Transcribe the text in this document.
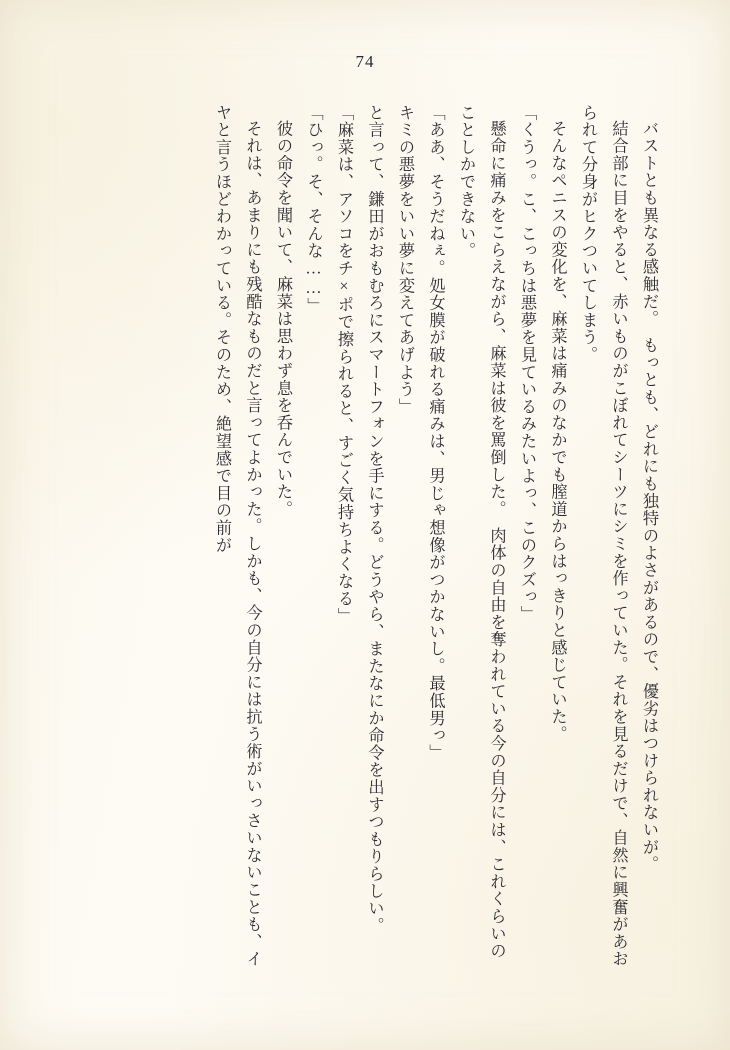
74
バストとも異なる感触だ。　もっとも、どれにも独特のよさがあるので、優劣はつけられないが。
結合部に目をやると、赤いものがこぼれてシーツにシミを作っていた。それを見るだけで、自然に興奮があおられて分身がヒクついてしまう。
そんなペニスの変化を、麻菜は痛みのなかでも膣道からはっきりと感じていた。
「くうっ。こ、こっちは悪夢を見ているみたいよっ、このクズっ」
懸命に痛みをこらえながら、麻菜は彼を罵倒した。　肉体の自由を奪われている今の自分には、これくらいのことしかできない。
「ああ、そうだねぇ。処女膜が破れる痛みは、男じゃ想像がつかないし。最低男っ」
キミの悪夢をいい夢に変えてあげよう」
と言って、鎌田がおもむろにスマートフォンを手にする。どうやら、またなにか命令を出すつもりらしい。
「麻菜は、アソコをチ×ポで擦られると、すごく気持ちよくなる」
「ひっ。そ、そんな……」
彼の命令を聞いて、麻菜は思わず息を呑んでいた。
それは、あまりにも残酷なものだと言ってよかった。しかも、今の自分には抗う術がいっさいないことも、イヤと言うほどわかっている。そのため、絶望感で目の前が
